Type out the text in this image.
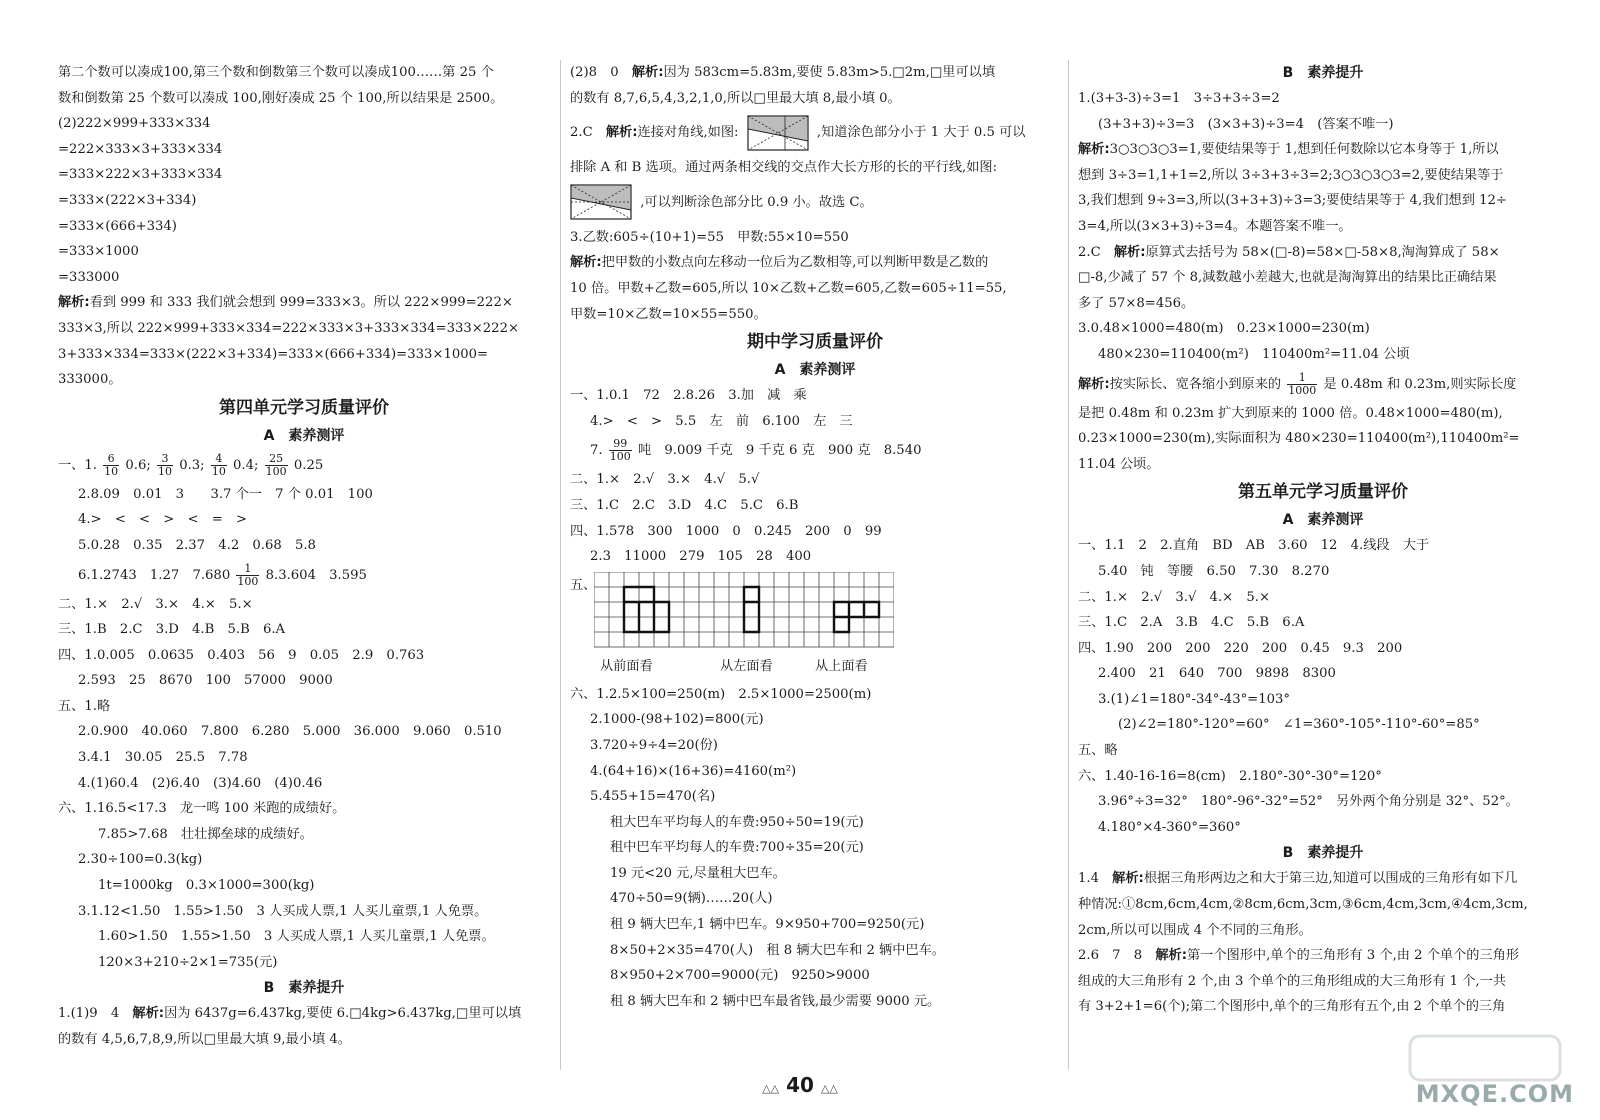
第二个数可以凑成100,第三个数和倒数第三个数可以凑成100……第 25 个
数和倒数第 25 个数可以凑成 100,刚好凑成 25 个 100,所以结果是 2500。
(2)222×999+333×334
=222×333×3+333×334
=333×222×3+333×334
=333×(222×3+334)
=333×(666+334)
=333×1000
=333000
解析:看到 999 和 333 我们就会想到 999=333×3。所以 222×999=222×
333×3,所以 222×999+333×334=222×333×3+333×334=333×222×
3+333×334=333×(222×3+334)=333×(666+334)=333×1000=
333000。
第四单元学习质量评价
A　素养测评
一、1. $\frac{6}{10} 0.6$; $\frac{3}{10} 0.3$; $\frac{4}{10} 0.4$; $\frac{25}{100} 0.25$
2.8.09　0.01　3　　3.7 个一　7 个 0.01　100
4.>　<　<　>　<　=　>
5.0.28　0.35　2.37　4.2　0.68　5.8
6.1.2743　1.27　$7.680 \frac{1}{100} 8.3.604$　3.595
二、1.×　2.√　3.×　4.×　5.×
三、1.B　2.C　3.D　4.B　5.B　6.A
四、1.0.005　0.0635　0.403　56　9　0.05　2.9　0.763
2.593　25　8670　100　57000　9000
五、1.略
2.0.900　40.060　7.800　6.280　5.000　36.000　9.060　0.510
3.4.1　30.05　25.5　7.78
4.(1)60.4　(2)6.40　(3)4.60　(4)0.46
六、1.16.5<17.3　龙一鸣 100 米跑的成绩好。
7.85>7.68　壮壮掷垒球的成绩好。
2.30÷100=0.3(kg)
1t=1000kg　0.3×1000=300(kg)
3.1.12<1.50　1.55>1.50　3 人买成人票,1 人买儿童票,1 人免票。
1.60>1.50　1.55>1.50　3 人买成人票,1 人买儿童票,1 人免票。
120×3+210÷2×1=735(元)
B　素养提升
1.(1)9　4　解析:因为 6437g=6.437kg,要使 6.□4kg>6.437kg,□里可以填
的数有 4,5,6,7,8,9,所以□里最大填 9,最小填 4。
(2)8　0　解析:因为 583cm=5.83m,要使 5.83m>5.□2m,□里可以填
的数有 8,7,6,5,4,3,2,1,0,所以□里最大填 8,最小填 0。
2.C　解析:连接对角线,如图:	,知道涂色部分小于 1 大于 0.5 可以
排除 A 和 B 选项。通过两条相交线的交点作大长方形的长的平行线,如图:
,可以判断涂色部分比 0.9 小。故选 C。
3.乙数:605÷(10+1)=55　甲数:55×10=550
解析:把甲数的小数点向左移动一位后为乙数相等,可以判断甲数是乙数的
10 倍。甲数+乙数=605,所以 10×乙数+乙数=605,乙数=605÷11=55,
甲数=10×乙数=10×55=550。
期中学习质量评价
A　素养测评
一、1.0.1　72　2.8.26　3.加　减　乘
4.>　<　>　5.5　左　前　6.100　左　三
7. $\frac{99}{100}$ 吨　9.009 千克　9 千克 6 克　900 克　8.540
二、1.×　2.√　3.×　4.√　5.√
三、1.C　2.C　3.D　4.C　5.C　6.B
四、1.578　300　1000　0　0.245　200　0　99
2.3　11000　279　105　28　400
五、
从前面看	从左面看	从上面看
六、1.2.5×100=250(m)　2.5×1000=2500(m)
2.1000-(98+102)=800(元)
3.720÷9÷4=20(份)
4.(64+16)×(16+36)=4160(m²)
5.455+15=470(名)
租大巴车平均每人的车费:950÷50=19(元)
租中巴车平均每人的车费:700÷35=20(元)
19 元<20 元,尽量租大巴车。
470÷50=9(辆)……20(人)
租 9 辆大巴车,1 辆中巴车。9×950+700=9250(元)
8×50+2×35=470(人)　租 8 辆大巴车和 2 辆中巴车。
8×950+2×700=9000(元)　9250>9000
租 8 辆大巴车和 2 辆中巴车最省钱,最少需要 9000 元。
B　素养提升
1.(3+3-3)÷3=1　3÷3+3÷3=2
(3+3+3)÷3=3　(3×3+3)÷3=4　(答案不唯一)
解析:3○3○3○3=1,要使结果等于 1,想到任何数除以它本身等于 1,所以
想到 3÷3=1,1+1=2,所以 3÷3+3÷3=2;3○3○3○3=2,要使结果等于
3,我们想到 9÷3=3,所以(3+3+3)÷3=3;要使结果等于 4,我们想到 12÷
3=4,所以(3×3+3)÷3=4。本题答案不唯一。
2.C　解析:原算式去括号为 58×(□-8)=58×□-58×8,淘淘算成了 58×
□-8,少减了 57 个 8,減数越小差越大,也就是淘淘算出的结果比正确结果
多了 57×8=456。
3.0.48×1000=480(m)　0.23×1000=230(m)
480×230=110400(m²)　110400m²=11.04 公顷
解析:按实际长、宽各缩小到原来的 $\frac{1}{1000}$ 是 0.48m 和 0.23m,则实际长度
是把 0.48m 和 0.23m 扩大到原来的 1000 倍。0.48×1000=480(m),
0.23×1000=230(m),实际面积为 480×230=110400(m²),110400m²=
11.04 公顷。
第五单元学习质量评价
A　素养测评
一、1.1　2　2.直角　BD　AB　3.60　12　4.线段　大于
5.40　钝　等腰　6.50　7.30　8.270
二、1.×　2.√　3.√　4.×　5.×
三、1.C　2.A　3.B　4.C　5.B　6.A
四、1.90　200　200　220　200　0.45　9.3　200
2.400　21　640　700　9898　8300
3.(1)∠1=180°-34°-43°=103°
(2)∠2=180°-120°=60°　∠1=360°-105°-110°-60°=85°
五、略
六、1.40-16-16=8(cm)　2.180°-30°-30°=120°
3.96°÷3=32°　180°-96°-32°=52°　另外两个角分别是 32°、52°。
4.180°×4-360°=360°
B　素养提升
1.4　解析:根据三角形两边之和大于第三边,知道可以围成的三角形有如下几
种情况:①8cm,6cm,4cm,②8cm,6cm,3cm,③6cm,4cm,3cm,④4cm,3cm,
2cm,所以可以围成 4 个不同的三角形。
2.6　7　8　解析:第一个图形中,单个的三角形有 3 个,由 2 个单个的三角形
组成的大三角形有 2 个,由 3 个单个的三角形组成的大三角形有 1 个,一共
有 3+2+1=6(个);第二个图形中,单个的三角形有五个,由 2 个单个的三角
△△ 40 △△	MXQE.COM
